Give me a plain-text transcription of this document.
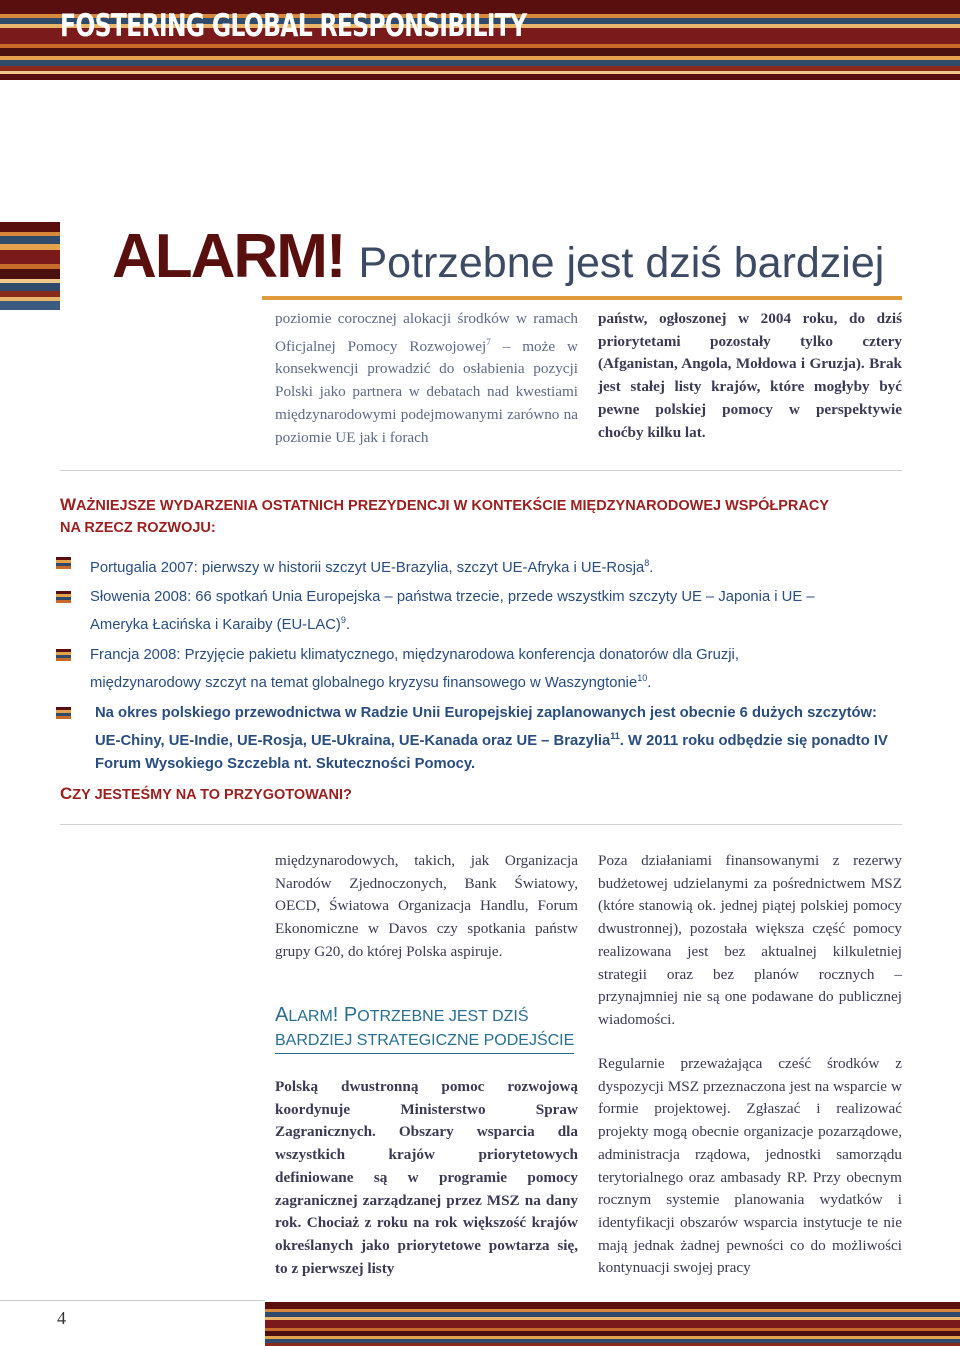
FOSTERING GLOBAL RESPONSIBILITY
ALARM! Potrzebne jest dziś bardziej

poziomie corocznej alokacji środków w ramach Oficjalnej Pomocy Rozwojowej$^7$ – może w konsekwencji prowadzić do osłabienia pozycji Polski jako partnera w debatach nad kwestiami międzynarodowymi podejmowanymi zarówno na poziomie UE jak i forach

państw, ogłoszonej w 2004 roku, do dziś priorytetami pozostały tylko cztery (Afganistan, Angola, Mołdowa i Gruzja). Brak jest stałej listy krajów, które mogłyby być pewne polskiej pomocy w perspektywie choćby kilku lat.

WAŻNIEJSZE WYDARZENIA OSTATNICH PREZYDENCJI W KONTEKŚCIE MIĘDZYNARODOWEJ WSPÓŁPRACY
NA RZECZ ROZWOJU:

Portugalia 2007: pierwszy w historii szczyt UE-Brazylia, szczyt UE-Afryka i UE-Rosja$^8$.

Słowenia 2008: 66 spotkań Unia Europejska – państwa trzecie, przede wszystkim szczyty UE – Japonia i UE – Ameryka Łacińska i Karaiby $(EU-LAC)^9$.

Francja 2008: Przyjęcie pakietu klimatycznego, międzynarodowa konferencja donatorów dla Gruzji, międzynarodowy szczyt na temat globalnego kryzysu finansowego w Waszyngtonie$^{10}$.

Na okres polskiego przewodnictwa w Radzie Unii Europejskiej zaplanowanych jest obecnie 6 dużych szczytów: UE-Chiny, UE-Indie, UE-Rosja, UE-Ukraina, UE-Kanada oraz UE – Brazylia$^{11}$. W 2011 roku odbędzie się ponadto IV Forum Wysokiego Szczebla nt. Skuteczności Pomocy.

CZY JESTEŚMY NA TO PRZYGOTOWANI?

międzynarodowych, takich, jak Organizacja Narodów Zjednoczonych, Bank Światowy, OECD, Światowa Organizacja Handlu, Forum Ekonomiczne w Davos czy spotkania państw grupy G20, do której Polska aspiruje.

ALARM! POTRZEBNE JEST DZIŚ
BARDZIEJ STRATEGICZNE PODEJŚCIE

Polską dwustronną pomoc rozwojową koordynuje Ministerstwo Spraw Zagranicznych. Obszary wsparcia dla wszystkich krajów priorytetowych definiowane są w programie pomocy zagranicznej zarządzanej przez MSZ na dany rok. Chociaż z roku na rok większość krajów określanych jako priorytetowe powtarza się, to z pierwszej listy

Poza działaniami finansowanymi z rezerwy budżetowej udzielanymi za pośrednictwem MSZ (które stanowią ok. jednej piątej polskiej pomocy dwustronnej), pozostała większa część pomocy realizowana jest bez aktualnej kilkuletniej strategii oraz bez planów rocznych – przynajmniej nie są one podawane do publicznej wiadomości.

Regularnie przeważająca cześć środków z dyspozycji MSZ przeznaczona jest na wsparcie w formie projektowej. Zgłaszać i realizować projekty mogą obecnie organizacje pozarządowe, administracja rządowa, jednostki samorządu terytorialnego oraz ambasady RP. Przy obecnym rocznym systemie planowania wydatków i identyfikacji obszarów wsparcia instytucje te nie mają jednak żadnej pewności co do możliwości kontynuacji swojej pracy

4
